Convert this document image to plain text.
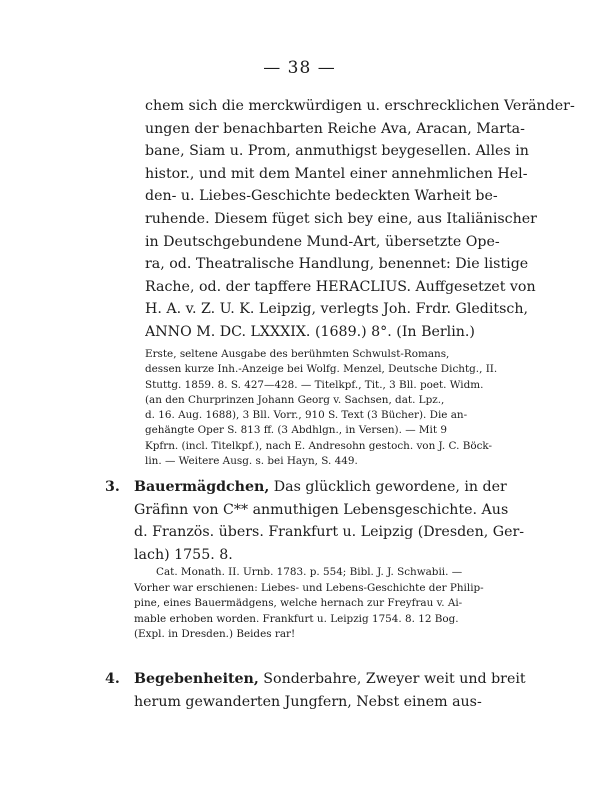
— 38 —
chem sich die merckwürdigen u. erschrecklichen Veränder-
ungen der benachbarten Reiche Ava, Aracan, Marta-
bane, Siam u. Prom, anmuthigst beygesellen. Alles in
histor., und mit dem Mantel einer annehmlichen Hel-
den- u. Liebes-Geschichte bedeckten Warheit be-
ruhende. Diesem füget sich bey eine, aus Italiänischer
in Deutschgebundene Mund-Art, übersetzte Ope-
ra, od. Theatralische Handlung, benennet: Die listige
Rache, od. der tapffere HERACLIUS. Auffgesetzet von
H. A. v. Z. U. K. Leipzig, verlegts Joh. Frdr. Gleditsch,
ANNO M. DC. LXXXIX. (1689.) 8°. (In Berlin.)
Erste, seltene Ausgabe des berühmten Schwulst-Romans,
dessen kurze Inh.-Anzeige bei Wolfg. Menzel, Deutsche Dichtg., II.
Stuttg. 1859. 8. S. 427—428. — Titelkpf., Tit., 3 Bll. poet. Widm.
(an den Churprinzen Johann Georg v. Sachsen, dat. Lpz.,
d. 16. Aug. 1688), 3 Bll. Vorr., 910 S. Text (3 Bücher). Die an-
gehängte Oper S. 813 ff. (3 Abdhlgn., in Versen). — Mit 9
Kpfrn. (incl. Titelkpf.), nach E. Andresohn gestoch. von J. C. Böck-
lin. — Weitere Ausg. s. bei Hayn, S. 449.
3. Bauermägdchen, Das glücklich gewordene, in der
Gräfinn von C** anmuthigen Lebensgeschichte. Aus
d. Französ. übers. Frankfurt u. Leipzig (Dresden, Ger-
lach) 1755. 8.
Cat. Monath. II. Urnb. 1783. p. 554; Bibl. J. J. Schwabii. —
Vorher war erschienen: Liebes- und Lebens-Geschichte der Philip-
pine, eines Bauermädgens, welche hernach zur Freyfrau v. Ai-
mable erhoben worden. Frankfurt u. Leipzig 1754. 8. 12 Bog.
(Expl. in Dresden.) Beides rar!
4. Begebenheiten, Sonderbahre, Zweyer weit und breit
herum gewanderten Jungfern, Nebst einem aus-
